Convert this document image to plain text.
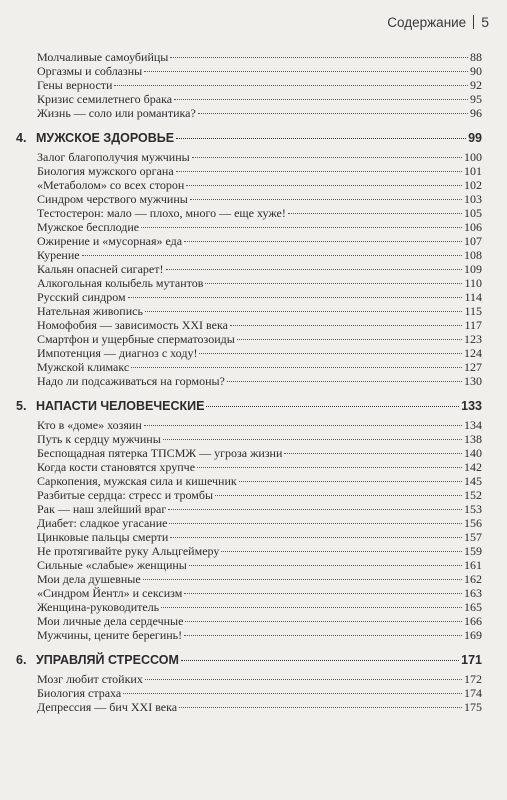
Содержание 5
Молчаливые самоубийцы	88
Оргазмы и соблазны	90
Гены верности	92
Кризис семилетнего брака	95
Жизнь — соло или романтика?	96
4. МУЖСКОЕ ЗДОРОВЬЕ	99
Залог благополучия мужчины	100
Биология мужского органа	101
«Метаболом» со всех сторон	102
Синдром черствого мужчины	103
Тестостерон: мало — плохо, много — еще хуже!	105
Мужское бесплодие	106
Ожирение и «мусорная» еда	107
Курение	108
Кальян опасней сигарет!	109
Алкогольная колыбель мутантов	110
Русский синдром	114
Нательная живопись	115
Номофобия — зависимость XXI века	117
Смартфон и ущербные сперматозоиды	123
Импотенция — диагноз с ходу!	124
Мужской климакс	127
Надо ли подсаживаться на гормоны?	130
5. НАПАСТИ ЧЕЛОВЕЧЕСКИЕ	133
Кто в «доме» хозяин	134
Путь к сердцу мужчины	138
Беспощадная пятерка ТПСМЖ — угроза жизни	140
Когда кости становятся хрупче	142
Саркопения, мужская сила и кишечник	145
Разбитые сердца: стресс и тромбы	152
Рак — наш злейший враг	153
Диабет: сладкое угасание	156
Цинковые пальцы смерти	157
Не протягивайте руку Альцгеймеру	159
Сильные «слабые» женщины	161
Мои дела душевные	162
«Синдром Йентл» и сексизм	163
Женщина-руководитель	165
Мои личные дела сердечные	166
Мужчины, цените берегинь!	169
6. УПРАВЛЯЙ СТРЕССОМ	171
Мозг любит стойких	172
Биология страха	174
Депрессия — бич XXI века	175
